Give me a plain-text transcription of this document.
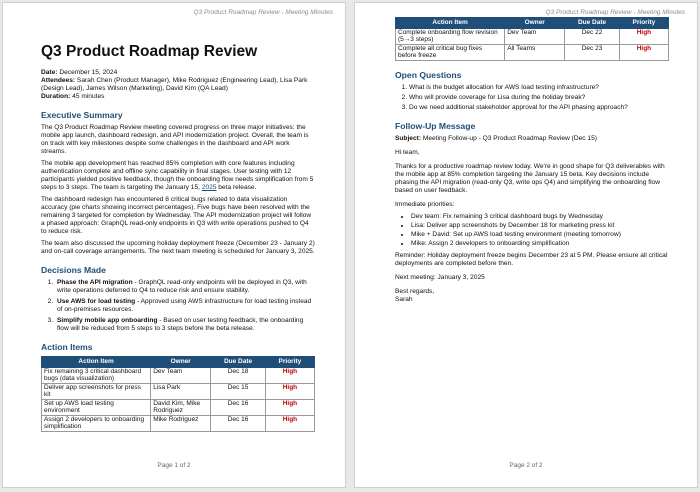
Q3 Product Roadmap Review - Meeting Minutes
Q3 Product Roadmap Review
Date: December 15, 2024
Attendees: Sarah Chen (Product Manager), Mike Rodriguez (Engineering Lead), Lisa Park (Design Lead), James Wilson (Marketing), David Kim (QA Lead)
Duration: 45 minutes
Executive Summary

The Q3 Product Roadmap Review meeting covered progress on three major initiatives: the mobile app launch, dashboard redesign, and API modernization project. Overall, the team is on track with key milestones despite some challenges in the dashboard and API work streams.

The mobile app development has reached 85% completion with core features including authentication complete and offline sync capability in final stages. User testing with 12 participants yielded positive feedback, though the onboarding flow needs simplification from 5 steps to 3 steps. The team is targeting the January 15, 2025 beta release.

The dashboard redesign has encountered 8 critical bugs related to data visualization accuracy (pie charts showing incorrect percentages). Five bugs have been resolved with the remaining 3 targeted for completion by Wednesday. The API modernization project will follow a phased approach: GraphQL read-only endpoints in Q3 with write operations pushed to Q4 to reduce risk.

The team also discussed the upcoming holiday deployment freeze (December 23 - January 2) and on-call coverage arrangements. The next team meeting is scheduled for January 3, 2025.

Decisions Made
1. Phase the API migration - GraphQL read-only endpoints will be deployed in Q3, with write operations deferred to Q4 to reduce risk and ensure stability.
2. Use AWS for load testing - Approved using AWS infrastructure for load testing instead of on-premises resources.
3. Simplify mobile app onboarding - Based on user testing feedback, the onboarding flow will be reduced from 5 steps to 3 steps before the beta release.
Action Items
Action Item	Owner	Due Date	Priority
Fix remaining 3 critical dashboard bugs (data visualization)	Dev Team	Dec 18	High
Deliver app screenshots for press kit	Lisa Park	Dec 15	High
Set up AWS load testing environment	David Kim, Mike Rodriguez	Dec 16	High
Assign 2 developers to onboarding simplification	Mike Rodriguez	Dec 16	High
Page 1 of 2
Q3 Product Roadmap Review - Meeting Minutes
Action Item	Owner	Due Date	Priority
Complete onboarding flow revision (5→3 steps)	Dev Team	Dec 22	High
Complete all critical bug fixes before freeze	All Teams	Dec 23	High
Open Questions
1. What is the budget allocation for AWS load testing infrastructure?
2. Who will provide coverage for Lisa during the holiday break?
3. Do we need additional stakeholder approval for the API phasing approach?
Follow-Up Message
Subject: Meeting Follow-up - Q3 Product Roadmap Review (Dec 15)

Hi team,

Thanks for a productive roadmap review today. We're in good shape for Q3 deliverables with the mobile app at 85% completion targeting the January 15 beta. Key decisions include phasing the API migration (read-only Q3, write ops Q4) and simplifying the onboarding flow based on user feedback.

Immediate priorities:

• Dev team: Fix remaining 3 critical dashboard bugs by Wednesday
• Lisa: Deliver app screenshots by December 18 for marketing press kit
• Mike + David: Set up AWS load testing environment (meeting tomorrow)
• Mike: Assign 2 developers to onboarding simplification

Reminder: Holiday deployment freeze begins December 23 at 5 PM. Please ensure all critical deployments are completed before then.

Next meeting: January 3, 2025

Best regards,

Sarah

Page 2 of 2
